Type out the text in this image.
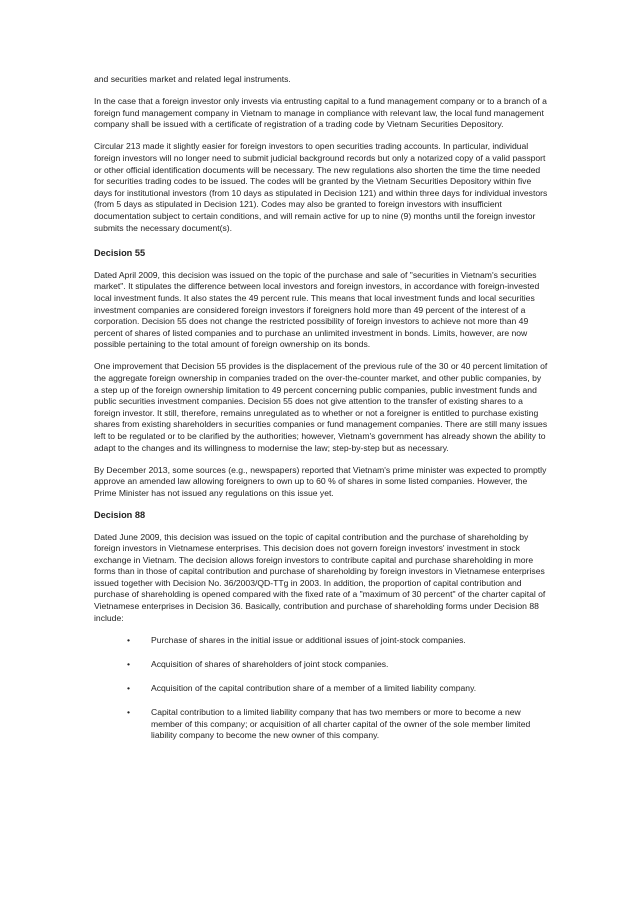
and securities market and related legal instruments.

In the case that a foreign investor only invests via entrusting capital to a fund management company or to a branch of a foreign fund management company in Vietnam to manage in compliance with relevant law, the local fund management company shall be issued with a certificate of registration of a trading code by Vietnam Securities Depository.

Circular 213 made it slightly easier for foreign investors to open securities trading accounts. In particular, individual foreign investors will no longer need to submit judicial background records but only a notarized copy of a valid passport or other official identification documents will be necessary. The new regulations also shorten the time the time needed for securities trading codes to be issued. The codes will be granted by the Vietnam Securities Depository within five days for institutional investors (from 10 days as stipulated in Decision 121) and within three days for individual investors (from 5 days as stipulated in Decision 121). Codes may also be granted to foreign investors with insufficient documentation subject to certain conditions, and will remain active for up to nine (9) months until the foreign investor submits the necessary document(s).

Decision 55

Dated April 2009, this decision was issued on the topic of the purchase and sale of "securities in Vietnam's securities market". It stipulates the difference between local investors and foreign investors, in accordance with foreign-invested local investment funds. It also states the 49 percent rule. This means that local investment funds and local securities investment companies are considered foreign investors if foreigners hold more than 49 percent of the interest of a corporation. Decision 55 does not change the restricted possibility of foreign investors to achieve not more than 49 percent of shares of listed companies and to purchase an unlimited investment in bonds. Limits, however, are now possible pertaining to the total amount of foreign ownership on its bonds.

One improvement that Decision 55 provides is the displacement of the previous rule of the 30 or 40 percent limitation of the aggregate foreign ownership in companies traded on the over-the-counter market, and other public companies, by a step up of the foreign ownership limitation to 49 percent concerning public companies, public investment funds and public securities investment companies. Decision 55 does not give attention to the transfer of existing shares to a foreign investor. It still, therefore, remains unregulated as to whether or not a foreigner is entitled to purchase existing shares from existing shareholders in securities companies or fund management companies. There are still many issues left to be regulated or to be clarified by the authorities; however, Vietnam's government has already shown the ability to adapt to the changes and its willingness to modernise the law; step-by-step but as necessary.

By December 2013, some sources (e.g., newspapers) reported that Vietnam's prime minister was expected to promptly approve an amended law allowing foreigners to own up to 60 % of shares in some listed companies. However, the Prime Minister has not issued any regulations on this issue yet.

Decision 88

Dated June 2009, this decision was issued on the topic of capital contribution and the purchase of shareholding by foreign investors in Vietnamese enterprises. This decision does not govern foreign investors' investment in stock exchange in Vietnam. The decision allows foreign investors to contribute capital and purchase shareholding in more forms than in those of capital contribution and purchase of shareholding by foreign investors in Vietnamese enterprises issued together with Decision No. 36/2003/QD-TTg in 2003. In addition, the proportion of capital contribution and purchase of shareholding is opened compared with the fixed rate of a "maximum of 30 percent" of the charter capital of Vietnamese enterprises in Decision 36. Basically, contribution and purchase of shareholding forms under Decision 88 include:

• Purchase of shares in the initial issue or additional issues of joint-stock companies.
• Acquisition of shares of shareholders of joint stock companies.
• Acquisition of the capital contribution share of a member of a limited liability company.
• Capital contribution to a limited liability company that has two members or more to become a new member of this company; or acquisition of all charter capital of the owner of the sole member limited liability company to become the new owner of this company.
